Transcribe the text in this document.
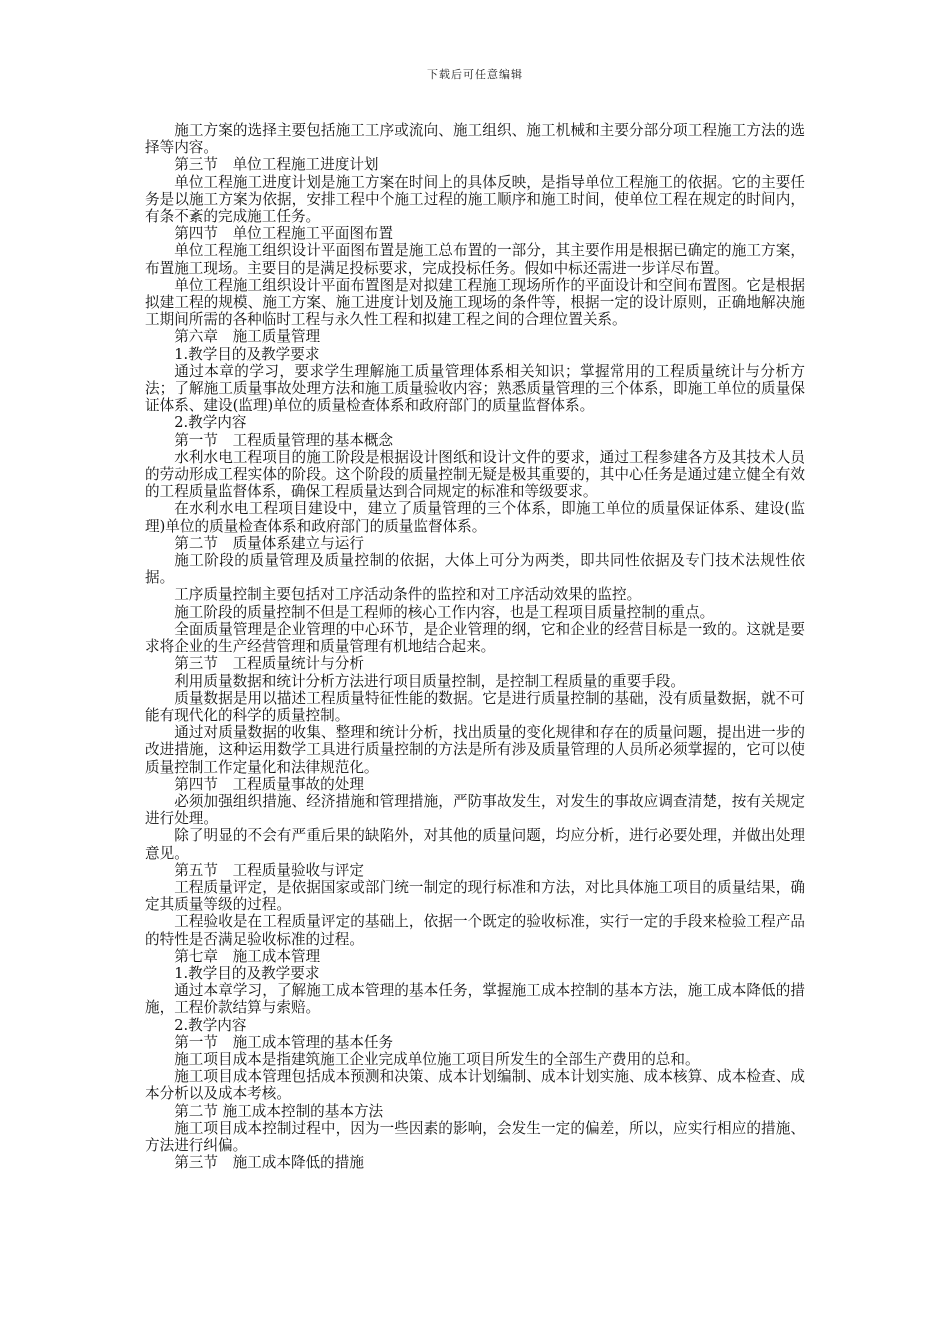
下载后可任意编辑

施工方案的选择主要包括施工工序或流向、施工组织、施工机械和主要分部分项工程施工方法的选择等内容。

第三节　单位工程施工进度计划

单位工程施工进度计划是施工方案在时间上的具体反映，是指导单位工程施工的依据。它的主要任务是以施工方案为依据，安排工程中个施工过程的施工顺序和施工时间，使单位工程在规定的时间内，有条不紊的完成施工任务。

第四节　单位工程施工平面图布置

单位工程施工组织设计平面图布置是施工总布置的一部分，其主要作用是根据已确定的施工方案，布置施工现场。主要目的是满足投标要求，完成投标任务。假如中标还需进一步详尽布置。

单位工程施工组织设计平面布置图是对拟建工程施工现场所作的平面设计和空间布置图。它是根据拟建工程的规模、施工方案、施工进度计划及施工现场的条件等，根据一定的设计原则，正确地解决施工期间所需的各种临时工程与永久性工程和拟建工程之间的合理位置关系。

第六章　施工质量管理

1.教学目的及教学要求

通过本章的学习，要求学生理解施工质量管理体系相关知识；掌握常用的工程质量统计与分析方法；了解施工质量事故处理方法和施工质量验收内容；熟悉质量管理的三个体系，即施工单位的质量保证体系、建设(监理)单位的质量检查体系和政府部门的质量监督体系。

2.教学内容

第一节　工程质量管理的基本概念

水利水电工程项目的施工阶段是根据设计图纸和设计文件的要求，通过工程参建各方及其技术人员的劳动形成工程实体的阶段。这个阶段的质量控制无疑是极其重要的，其中心任务是通过建立健全有效的工程质量监督体系，确保工程质量达到合同规定的标准和等级要求。

在水利水电工程项目建设中，建立了质量管理的三个体系，即施工单位的质量保证体系、建设(监理)单位的质量检查体系和政府部门的质量监督体系。

第二节　质量体系建立与运行

施工阶段的质量管理及质量控制的依据，大体上可分为两类，即共同性依据及专门技术法规性依据。

工序质量控制主要包括对工序活动条件的监控和对工序活动效果的监控。

施工阶段的质量控制不但是工程师的核心工作内容，也是工程项目质量控制的重点。

全面质量管理是企业管理的中心环节，是企业管理的纲，它和企业的经营目标是一致的。这就是要求将企业的生产经营管理和质量管理有机地结合起来。

第三节　工程质量统计与分析

利用质量数据和统计分析方法进行项目质量控制，是控制工程质量的重要手段。

质量数据是用以描述工程质量特征性能的数据。它是进行质量控制的基础，没有质量数据，就不可能有现代化的科学的质量控制。

通过对质量数据的收集、整理和统计分析，找出质量的变化规律和存在的质量问题，提出进一步的改进措施，这种运用数学工具进行质量控制的方法是所有涉及质量管理的人员所必须掌握的，它可以使质量控制工作定量化和法律规范化。

第四节　工程质量事故的处理

必须加强组织措施、经济措施和管理措施，严防事故发生，对发生的事故应调查清楚，按有关规定进行处理。

除了明显的不会有严重后果的缺陷外，对其他的质量问题，均应分析，进行必要处理，并做出处理意见。

第五节　工程质量验收与评定

工程质量评定，是依据国家或部门统一制定的现行标准和方法，对比具体施工项目的质量结果，确定其质量等级的过程。

工程验收是在工程质量评定的基础上，依据一个既定的验收标准，实行一定的手段来检验工程产品的特性是否满足验收标准的过程。

第七章　施工成本管理

1.教学目的及教学要求

通过本章学习，了解施工成本管理的基本任务，掌握施工成本控制的基本方法，施工成本降低的措施，工程价款结算与索赔。

2.教学内容

第一节　施工成本管理的基本任务

施工项目成本是指建筑施工企业完成单位施工项目所发生的全部生产费用的总和。

施工项目成本管理包括成本预测和决策、成本计划编制、成本计划实施、成本核算、成本检查、成本分析以及成本考核。

第二节 施工成本控制的基本方法

施工项目成本控制过程中，因为一些因素的影响，会发生一定的偏差，所以，应实行相应的措施、方法进行纠偏。

第三节　施工成本降低的措施
